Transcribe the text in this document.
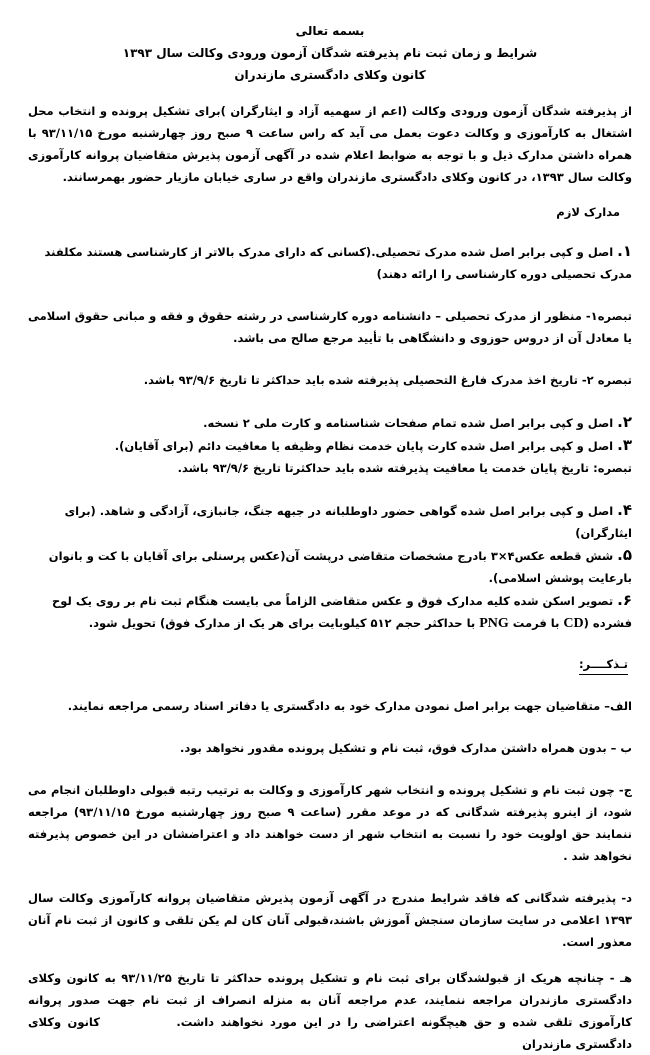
بسمه تعالی
شرایط و زمان ثبت نام پذیرفته شدگان آزمون ورودی وکالت سال ۱۳۹۳
کانون وکلای دادگستری مازندران

از پذیرفته شدگان آزمون ورودی وکالت (اعم از سهمیه آزاد و ایثارگران )برای تشکیل پرونده و انتخاب محل اشتغال به کارآموزی و وکالت دعوت بعمل می آید که راس ساعت ۹ صبح روز چهارشنبه مورخ ۹۳/۱۱/۱۵ با همراه داشتن مدارک ذیل و با توجه به ضوابط اعلام شده در آگهی آزمون پذیرش متقاضیان پروانه کارآموزی وکالت سال ۱۳۹۳، در کانون وکلای دادگستری مازندران واقع در ساری خیابان مازیار حضور بهمرسانند.

مدارک لازم

۱.اصل و کپی برابر اصل شده مدرک تحصیلی.(کسانی که دارای مدرک بالاتر از کارشناسی هستند مکلفند مدرک تحصیلی دوره کارشناسی را ارائه دهند)

تبصره۱- منظور از مدرک تحصیلی – دانشنامه دوره کارشناسی در رشته حقوق و فقه و مبانی حقوق اسلامی یا معادل آن از دروس حوزوی و دانشگاهی با تأیید مرجع صالح می باشد.

تبصره ۲- تاریخ اخذ مدرک فارغ التحصیلی پذیرفته شده باید حداکثر تا تاریخ ۹۳/۹/۶ باشد.

۲.اصل و کپی برابر اصل شده تمام صفحات شناسنامه و کارت ملی ۲ نسخه.

۳.اصل و کپی برابر اصل شده کارت پایان خدمت نظام وظیفه یا معافیت دائم (برای آقایان).

تبصره: تاریخ پایان خدمت یا معافیت پذیرفته شده باید حداکثرتا تاریخ ۹۳/۹/۶ باشد.

۴.اصل و کپی برابر اصل شده گواهی حضور داوطلبانه در جبهه جنگ، جانبازی، آزادگی و شاهد. (برای ایثارگران)

۵.شش قطعه عکس۴×۳ بادرج مشخصات متقاضی درپشت آن(عکس پرسنلی برای آقایان با کت و بانوان بارعایت پوشش اسلامی).

۶.تصویر اسکن شده کلیه مدارک فوق و عکس متقاضی الزاماً می بایست هنگام ثبت نام بر روی یک لوح فشرده (CD با فرمت PNG با حداکثر حجم ۵۱۲ کیلوبایت برای هر یک از مدارک فوق) تحویل شود.

تـذکــــر:

الف– متقاضیان جهت برابر اصل نمودن مدارک خود به دادگستری یا دفاتر اسناد رسمی مراجعه نمایند.

ب – بدون همراه داشتن مدارک فوق، ثبت نام و تشکیل پرونده مقدور نخواهد بود.

ج- چون ثبت نام و تشکیل پرونده و انتخاب شهر کارآموزی و وکالت به ترتیب رتبه قبولی داوطلبان انجام می شود، از اینرو پذیرفته شدگانی که در موعد مقرر (ساعت ۹ صبح روز چهارشنبه مورخ ۹۳/۱۱/۱۵) مراجعه ننمایند حق اولویت خود را نسبت به انتخاب شهر از دست خواهند داد و اعتراضشان در این خصوص پذیرفته نخواهد شد .

د- پذیرفته شدگانی که فاقد شرایط مندرج در آگهی آزمون پذیرش متقاضیان پروانه کارآموزی وکالت سال ۱۳۹۳ اعلامی در سایت سازمان سنجش آموزش باشند،قبولی آنان کان لم یکن تلقی و کانون از ثبت نام آنان معذور است.

هـ - چنانچه هریک از قبولشدگان برای ثبت نام و تشکیل پرونده حداکثر تا تاریخ ۹۳/۱۱/۲۵ به کانون وکلای دادگستری مازندران مراجعه ننمایند، عدم مراجعه آنان به منزله انصراف از ثبت نام جهت صدور پروانه کارآموزی تلقی شده و حق هیچگونه اعتراضی را در این مورد نخواهند داشت. کانون وکلای دادگستری مازندران
